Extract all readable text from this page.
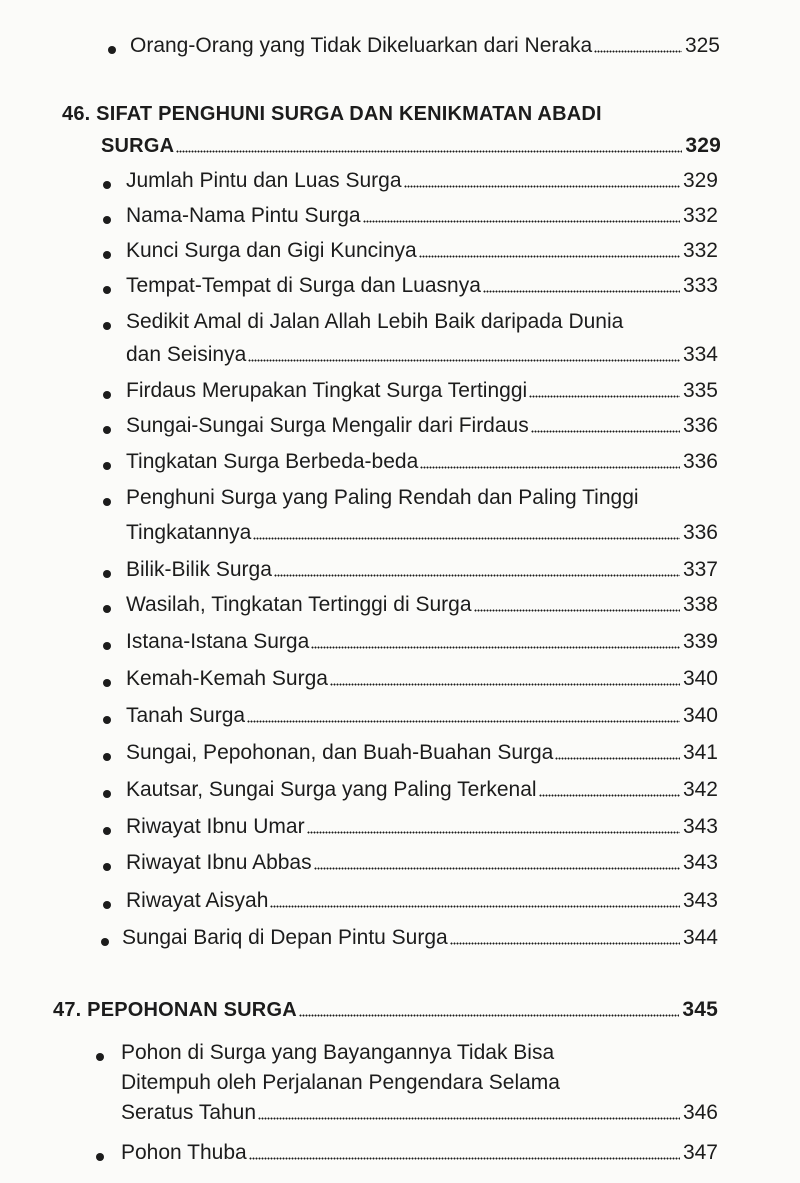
Orang-Orang yang Tidak Dikeluarkan dari Neraka	325
46. SIFAT PENGHUNI SURGA DAN KENIKMATAN ABADI
SURGA	329
Jumlah Pintu dan Luas Surga	329
Nama-Nama Pintu Surga	332
Kunci Surga dan Gigi Kuncinya	332
Tempat-Tempat di Surga dan Luasnya	333
Sedikit Amal di Jalan Allah Lebih Baik daripada Dunia
dan Seisinya	334
Firdaus Merupakan Tingkat Surga Tertinggi	335
Sungai-Sungai Surga Mengalir dari Firdaus	336
Tingkatan Surga Berbeda-beda	336
Penghuni Surga yang Paling Rendah dan Paling Tinggi
Tingkatannya	336
Bilik-Bilik Surga	337
Wasilah, Tingkatan Tertinggi di Surga	338
Istana-Istana Surga	339
Kemah-Kemah Surga	340
Tanah Surga	340
Sungai, Pepohonan, dan Buah-Buahan Surga	341
Kautsar, Sungai Surga yang Paling Terkenal	342
Riwayat Ibnu Umar	343
Riwayat Ibnu Abbas	343
Riwayat Aisyah	343
Sungai Bariq di Depan Pintu Surga	344
47. PEPOHONAN SURGA	345
Pohon di Surga yang Bayangannya Tidak Bisa
Ditempuh oleh Perjalanan Pengendara Selama
Seratus Tahun	346
Pohon Thuba	347
